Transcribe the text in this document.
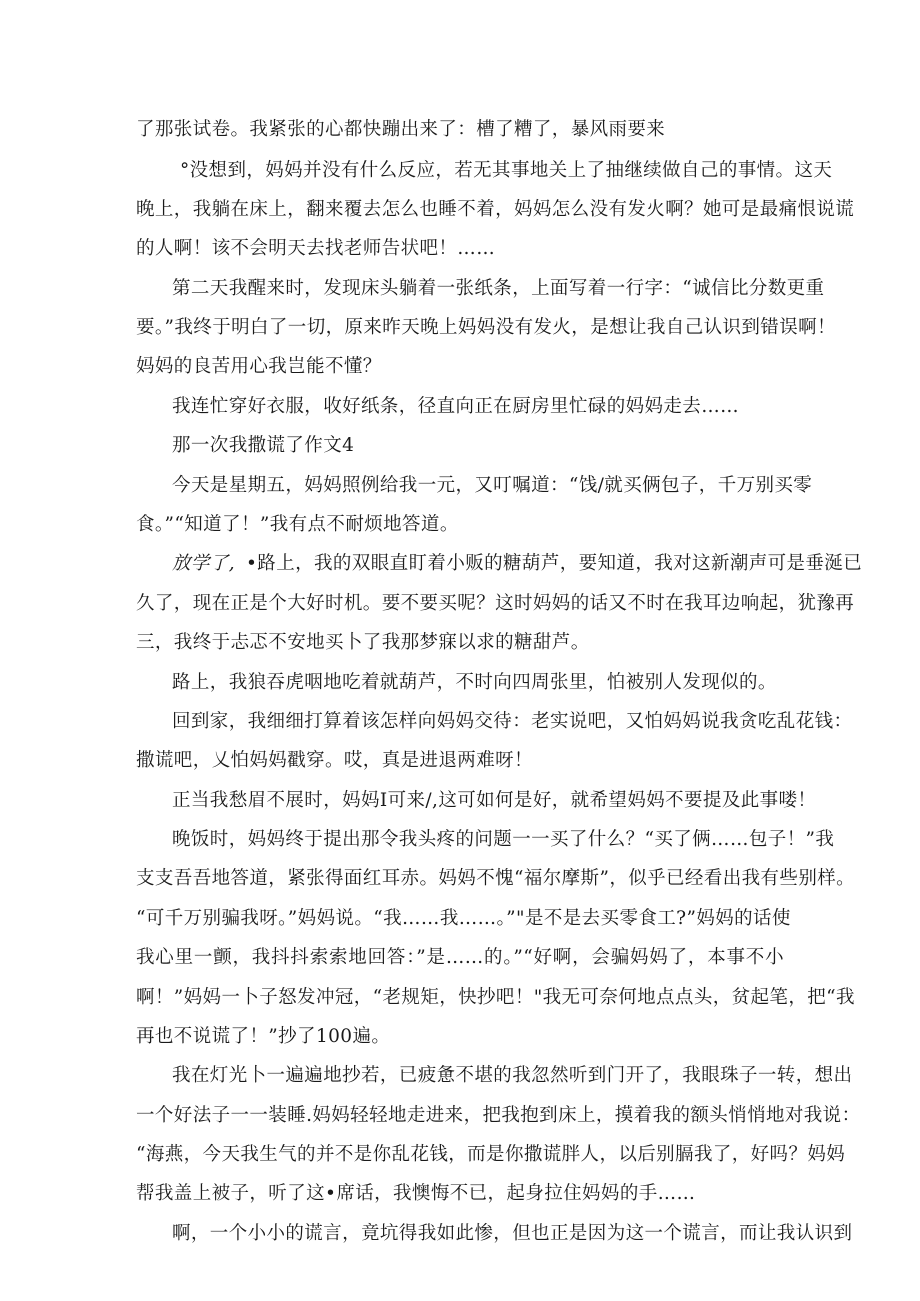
了那张试卷。我紧张的心都快蹦出来了：槽了糟了，暴风雨要来
°没想到，妈妈并没有什么反应，若无其事地关上了抽继续做自己的事情。这天
晚上，我躺在床上，翻来覆去怎么也睡不着，妈妈怎么没有发火啊？她可是最痛恨说谎
的人啊！该不会明天去找老师告状吧！……
第二天我醒来时，发现床头躺着一张纸条，上面写着一行字：“诚信比分数更重
要。”我终于明白了一切，原来昨天晚上妈妈没有发火，是想让我自己认识到错误啊！
妈妈的良苦用心我岂能不懂？
我连忙穿好衣服，收好纸条，径直向正在厨房里忙碌的妈妈走去……
那一次我撒谎了作文4
今天是星期五，妈妈照例给我一元，又叮嘱道：“饯/就买俩包子，千万别买零
食。”“知道了！”我有点不耐烦地答道。
放学了, •路上，我的双眼直盯着小贩的糖葫芦，要知道，我对这新潮声可是垂涎已
久了，现在正是个大好时机。要不要买呢？这时妈妈的话又不时在我耳边响起，犹豫再
三，我终于忐忑不安地买卜了我那梦寐以求的糖甜芦。
路上，我狼吞虎咽地吃着就葫芦，不时向四周张里，怕被别人发现似的。
回到家，我细细打算着该怎样向妈妈交待：老实说吧，又怕妈妈说我贪吃乱花钱：
撒谎吧，乂怕妈妈戳穿。哎，真是进退两难呀！
正当我愁眉不展时，妈妈I可来/,这可如何是好，就希望妈妈不要提及此事喽！
晚饭时，妈妈终于提出那令我头疼的问题一一买了什么？“买了俩……包子！”我
支支吾吾地答道，紧张得面红耳赤。妈妈不愧“福尔摩斯”，似乎已经看出我有些别样。
“可千万别骗我呀。”妈妈说。“我……我……。”"是不是去买零食工?”妈妈的话使
我心里一颤，我抖抖索索地回答：”是……的。”“好啊，会骗妈妈了，本事不小
啊！”妈妈一卜子怒发冲冠，“老规矩，快抄吧！"我无可奈何地点点头，贫起笔，把“我
再也不说谎了！”抄了100遍。
我在灯光卜一遍遍地抄若，已疲惫不堪的我忽然听到门开了，我眼珠子一转，想出
一个好法子一一装睡.妈妈轻轻地走进来，把我抱到床上，摸着我的额头悄悄地对我说：
“海燕，今天我生气的并不是你乱花钱，而是你撒谎胖人，以后别膈我了，好吗？妈妈
帮我盖上被子，听了这•席话，我懊悔不已，起身拉住妈妈的手……
啊，一个小小的谎言，竟坑得我如此惨，但也正是因为这一个谎言，而让我认识到
